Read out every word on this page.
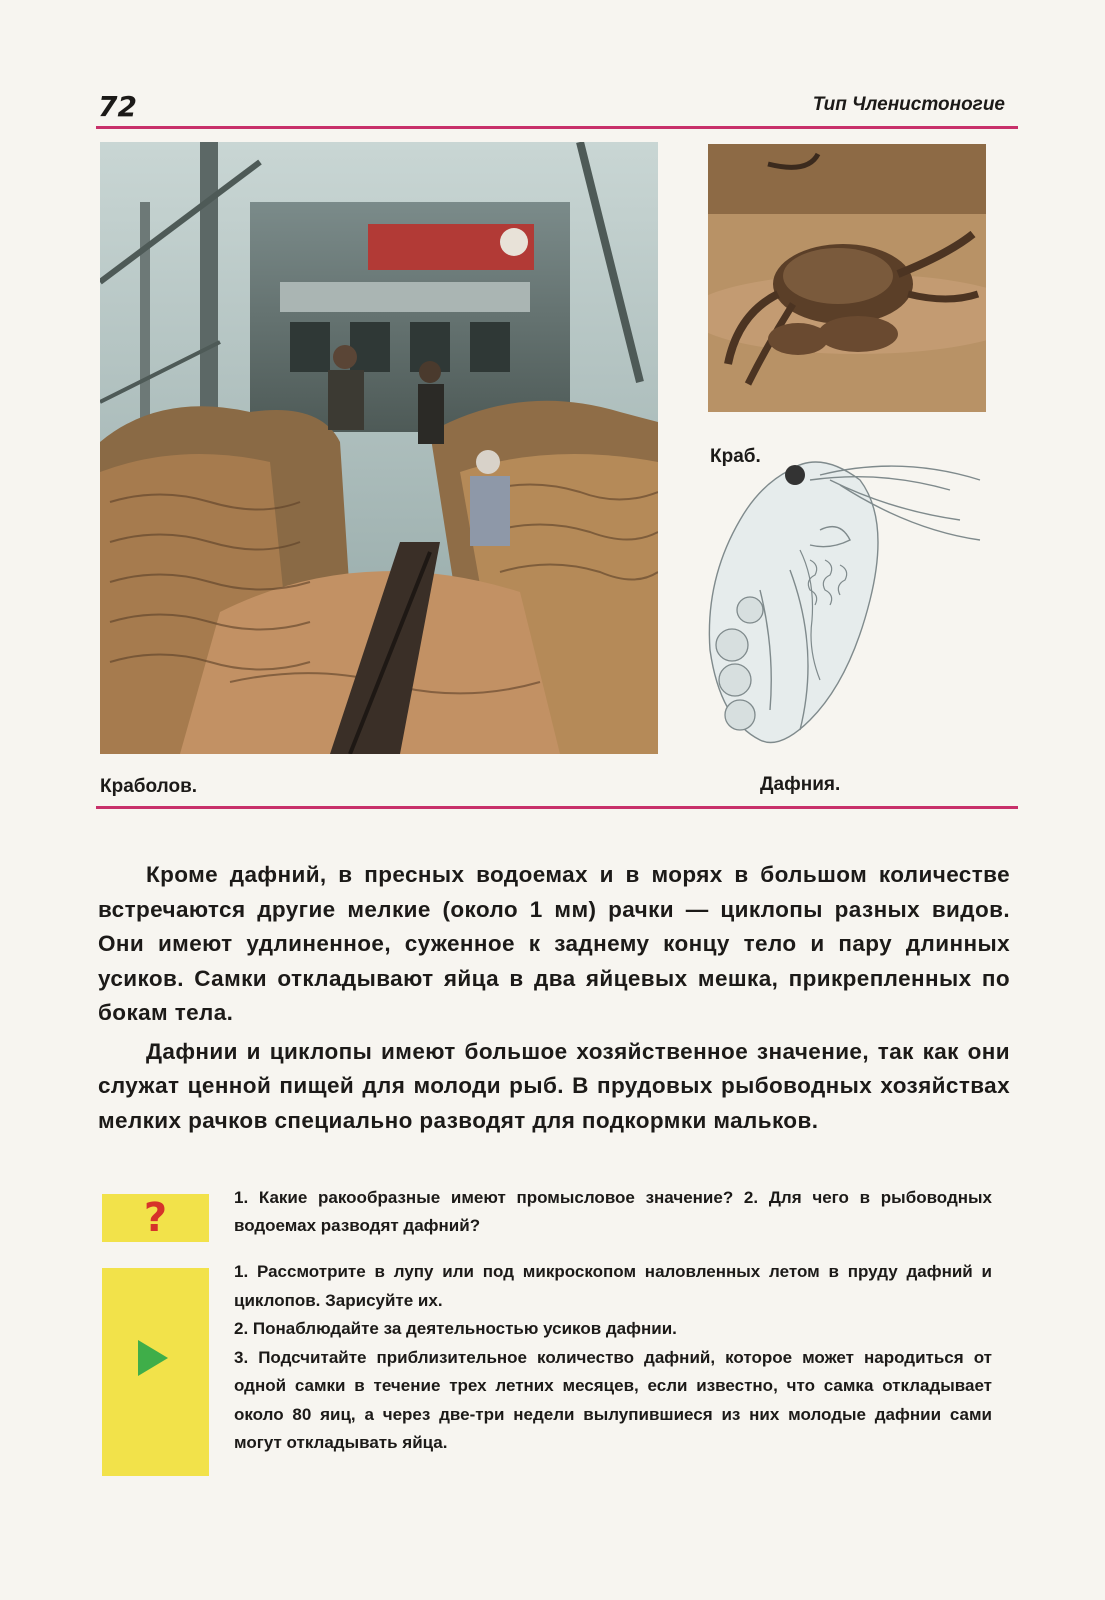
72	Тип Членистоногие
Краб.
Краболов.	Дафния.

Кроме дафний, в пресных водоемах и в морях в большом количестве встречаются другие мелкие (около 1 мм) рачки — циклопы разных видов. Они имеют удлиненное, суженное к заднему концу тело и пару длинных усиков. Самки откладывают яйца в два яйцевых мешка, прикрепленных по бокам тела.

Дафнии и циклопы имеют большое хозяйственное значение, так как они служат ценной пищей для молоди рыб. В прудовых рыбоводных хозяйствах мелких рачков специально разводят для подкормки мальков.

?	1. Какие ракообразные имеют промысловое значение? 2. Для чего в рыбоводных водоемах разводят дафний?
1. Рассмотрите в лупу или под микроскопом наловленных летом в пруду дафний и циклопов. Зарисуйте их.
2. Понаблюдайте за деятельностью усиков дафнии.
3. Подсчитайте приблизительное количество дафний, которое может народиться от одной самки в течение трех летних месяцев, если известно, что самка откладывает около 80 яиц, а через две-три недели вылупившиеся из них молодые дафнии сами могут откладывать яйца.
